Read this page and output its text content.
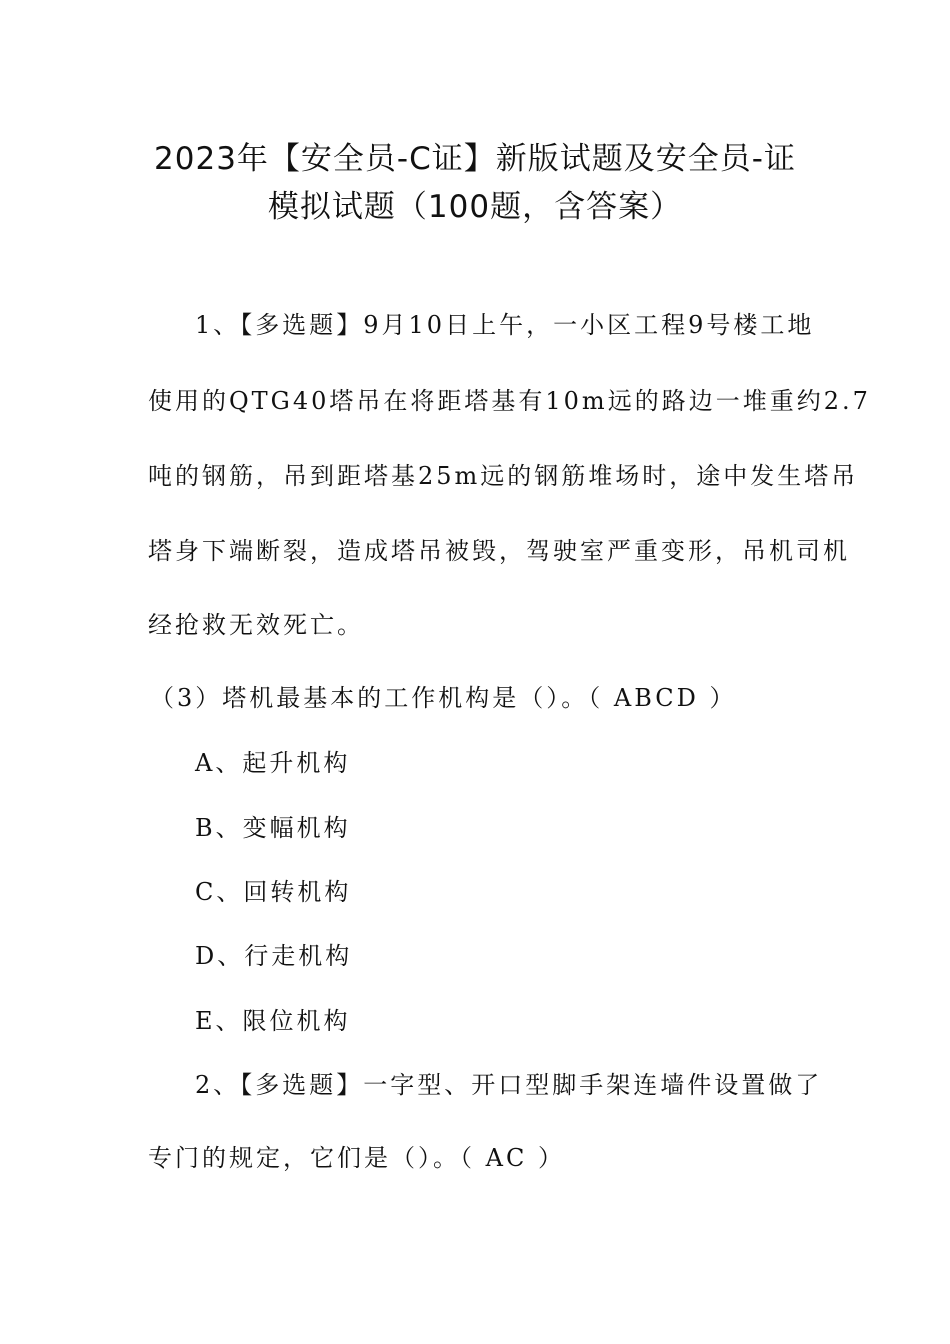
2023年【安全员-C证】新版试题及安全员-证
模拟试题（100题，含答案）
1、【多选题】9月10日上午，一小区工程9号楼工地
使用的QTG40塔吊在将距塔基有10m远的路边一堆重约2.7
吨的钢筋，吊到距塔基25m远的钢筋堆场时，途中发生塔吊
塔身下端断裂，造成塔吊被毁，驾驶室严重变形，吊机司机
经抢救无效死亡。
（3）塔机最基本的工作机构是（）。（ ABCD ）
A、起升机构
B、变幅机构
C、回转机构
D、行走机构
E、限位机构
2、【多选题】一字型、开口型脚手架连墙件设置做了
专门的规定，它们是（）。（ AC ）
